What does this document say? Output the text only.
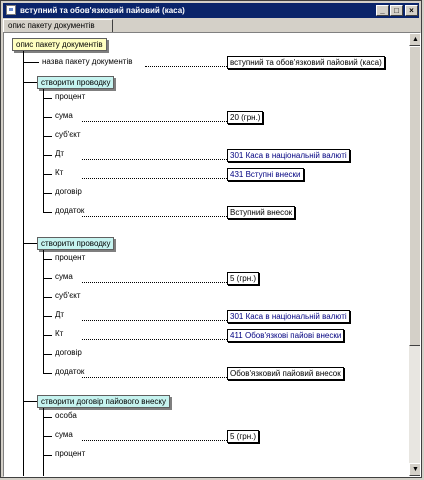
вступний та обов'язковий пайовий (каса)	_	□	×
опис пакету документів
опис пакету документів
назва пакету документів	вступний та обов'язковий пайовий (каса)
створити проводку
процент
сума	20 (грн.)
суб'єкт
Дт	301 Каса в національній валюті
Кт	431 Вступні внески
договір
додаток	Вступний внесок
створити проводку
процент
сума	5 (грн.)
суб'єкт
Дт	301 Каса в національній валюті
Кт	411 Обов'язкові пайові внески
договір
додаток	Обов'язковий пайовий внесок
створити договір пайового внеску
особа
сума	5 (грн.)
процент
▲
▼
